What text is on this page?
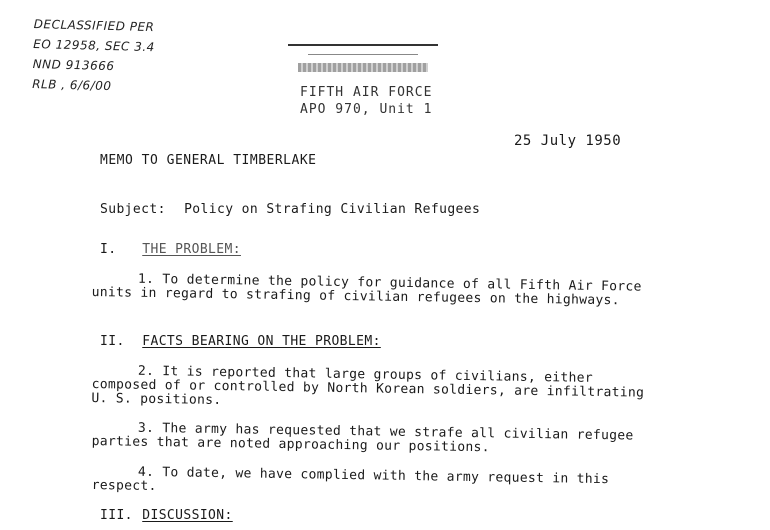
DECLASSIFIED PER
EO 12958, SEC 3.4
NND 913666
RLB , 6/6/00	FIFTH AIR FORCE
APO 970, Unit 1
25 July 1950
MEMO TO GENERAL TIMBERLAKE
Subject: Policy on Strafing Civilian Refugees
I. THE PROBLEM:
1. To determine the policy for guidance of all Fifth Air Force units in regard to strafing of civilian refugees on the highways.
II. FACTS BEARING ON THE PROBLEM:
2. It is reported that large groups of civilians, either composed of or controlled by North Korean soldiers, are infiltrating U. S. positions.
3. The army has requested that we strafe all civilian refugee parties that are noted approaching our positions.
4. To date, we have complied with the army request in this respect.
III. DISCUSSION:
